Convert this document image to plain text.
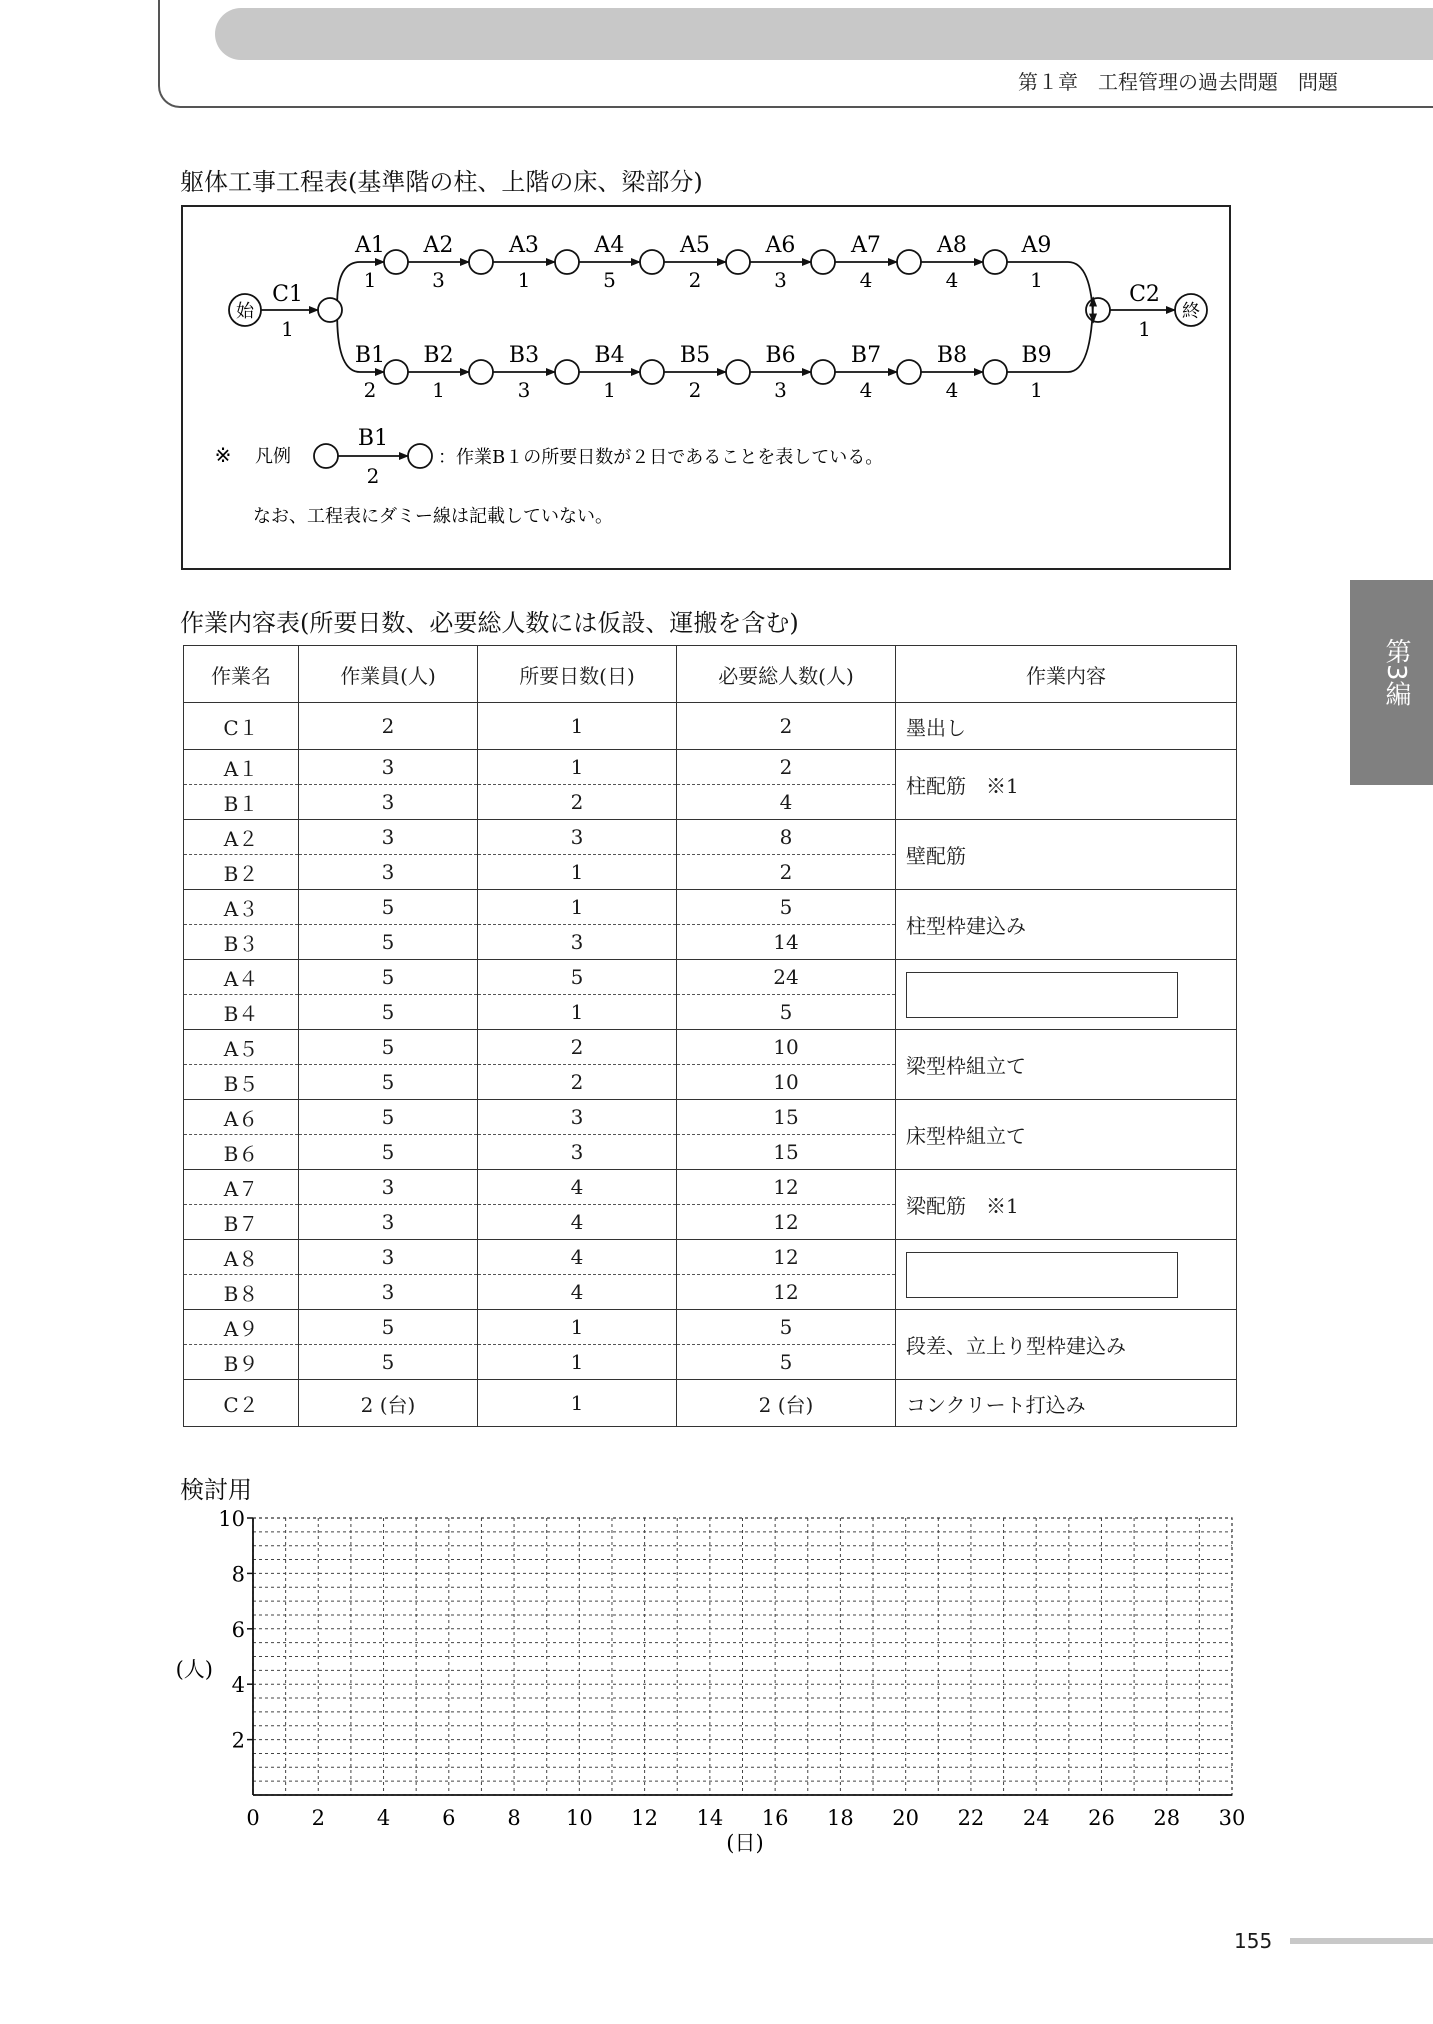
第１章　工程管理の過去問題　問題
第3編
躯体工事工程表(基準階の柱、上階の床、梁部分)
始	終
C1
1
C2
1
A1
1
A2
3
A3
1
A4
5
A5
2
A6
3
A7
4
A8
4
A9
1
B1
2
B2
1
B3
3
B4
1
B5
2
B6
3
B7
4
B8
4
B9
1
※ 凡例
B1
2
：作業B１の所要日数が２日であることを表している。
なお、工程表にダミー線は記載していない。
作業内容表(所要日数、必要総人数には仮設、運搬を含む)
作業名	作業員(人)	所要日数(日)	必要総人数(人)	作業内容
C１	2	1	2	墨出し
A１	3	1	2	柱配筋　※1
B１	3	2	4	
A２	3	3	8	壁配筋
B２	3	1	2	
A３	5	1	5	柱型枠建込み
B３	5	3	14	
A４	5	5	24	
B４	5	1	5	
A５	5	2	10	梁型枠組立て
B５	5	2	10	
A６	5	3	15	床型枠組立て
B６	5	3	15	
A７	3	4	12	梁配筋　※1
B７	3	4	12	
A８	3	4	12	
B８	3	4	12	
A９	5	1	5	段差、立上り型枠建込み
B９	5	1	5	
C２	2 (台)	1	2 (台)	コンクリート打込み
検討用
0 2 4 6 8 10 12 14 16 18 20 22 24 26 28 30
2
4
6
8
10
(日)
(人)
155
